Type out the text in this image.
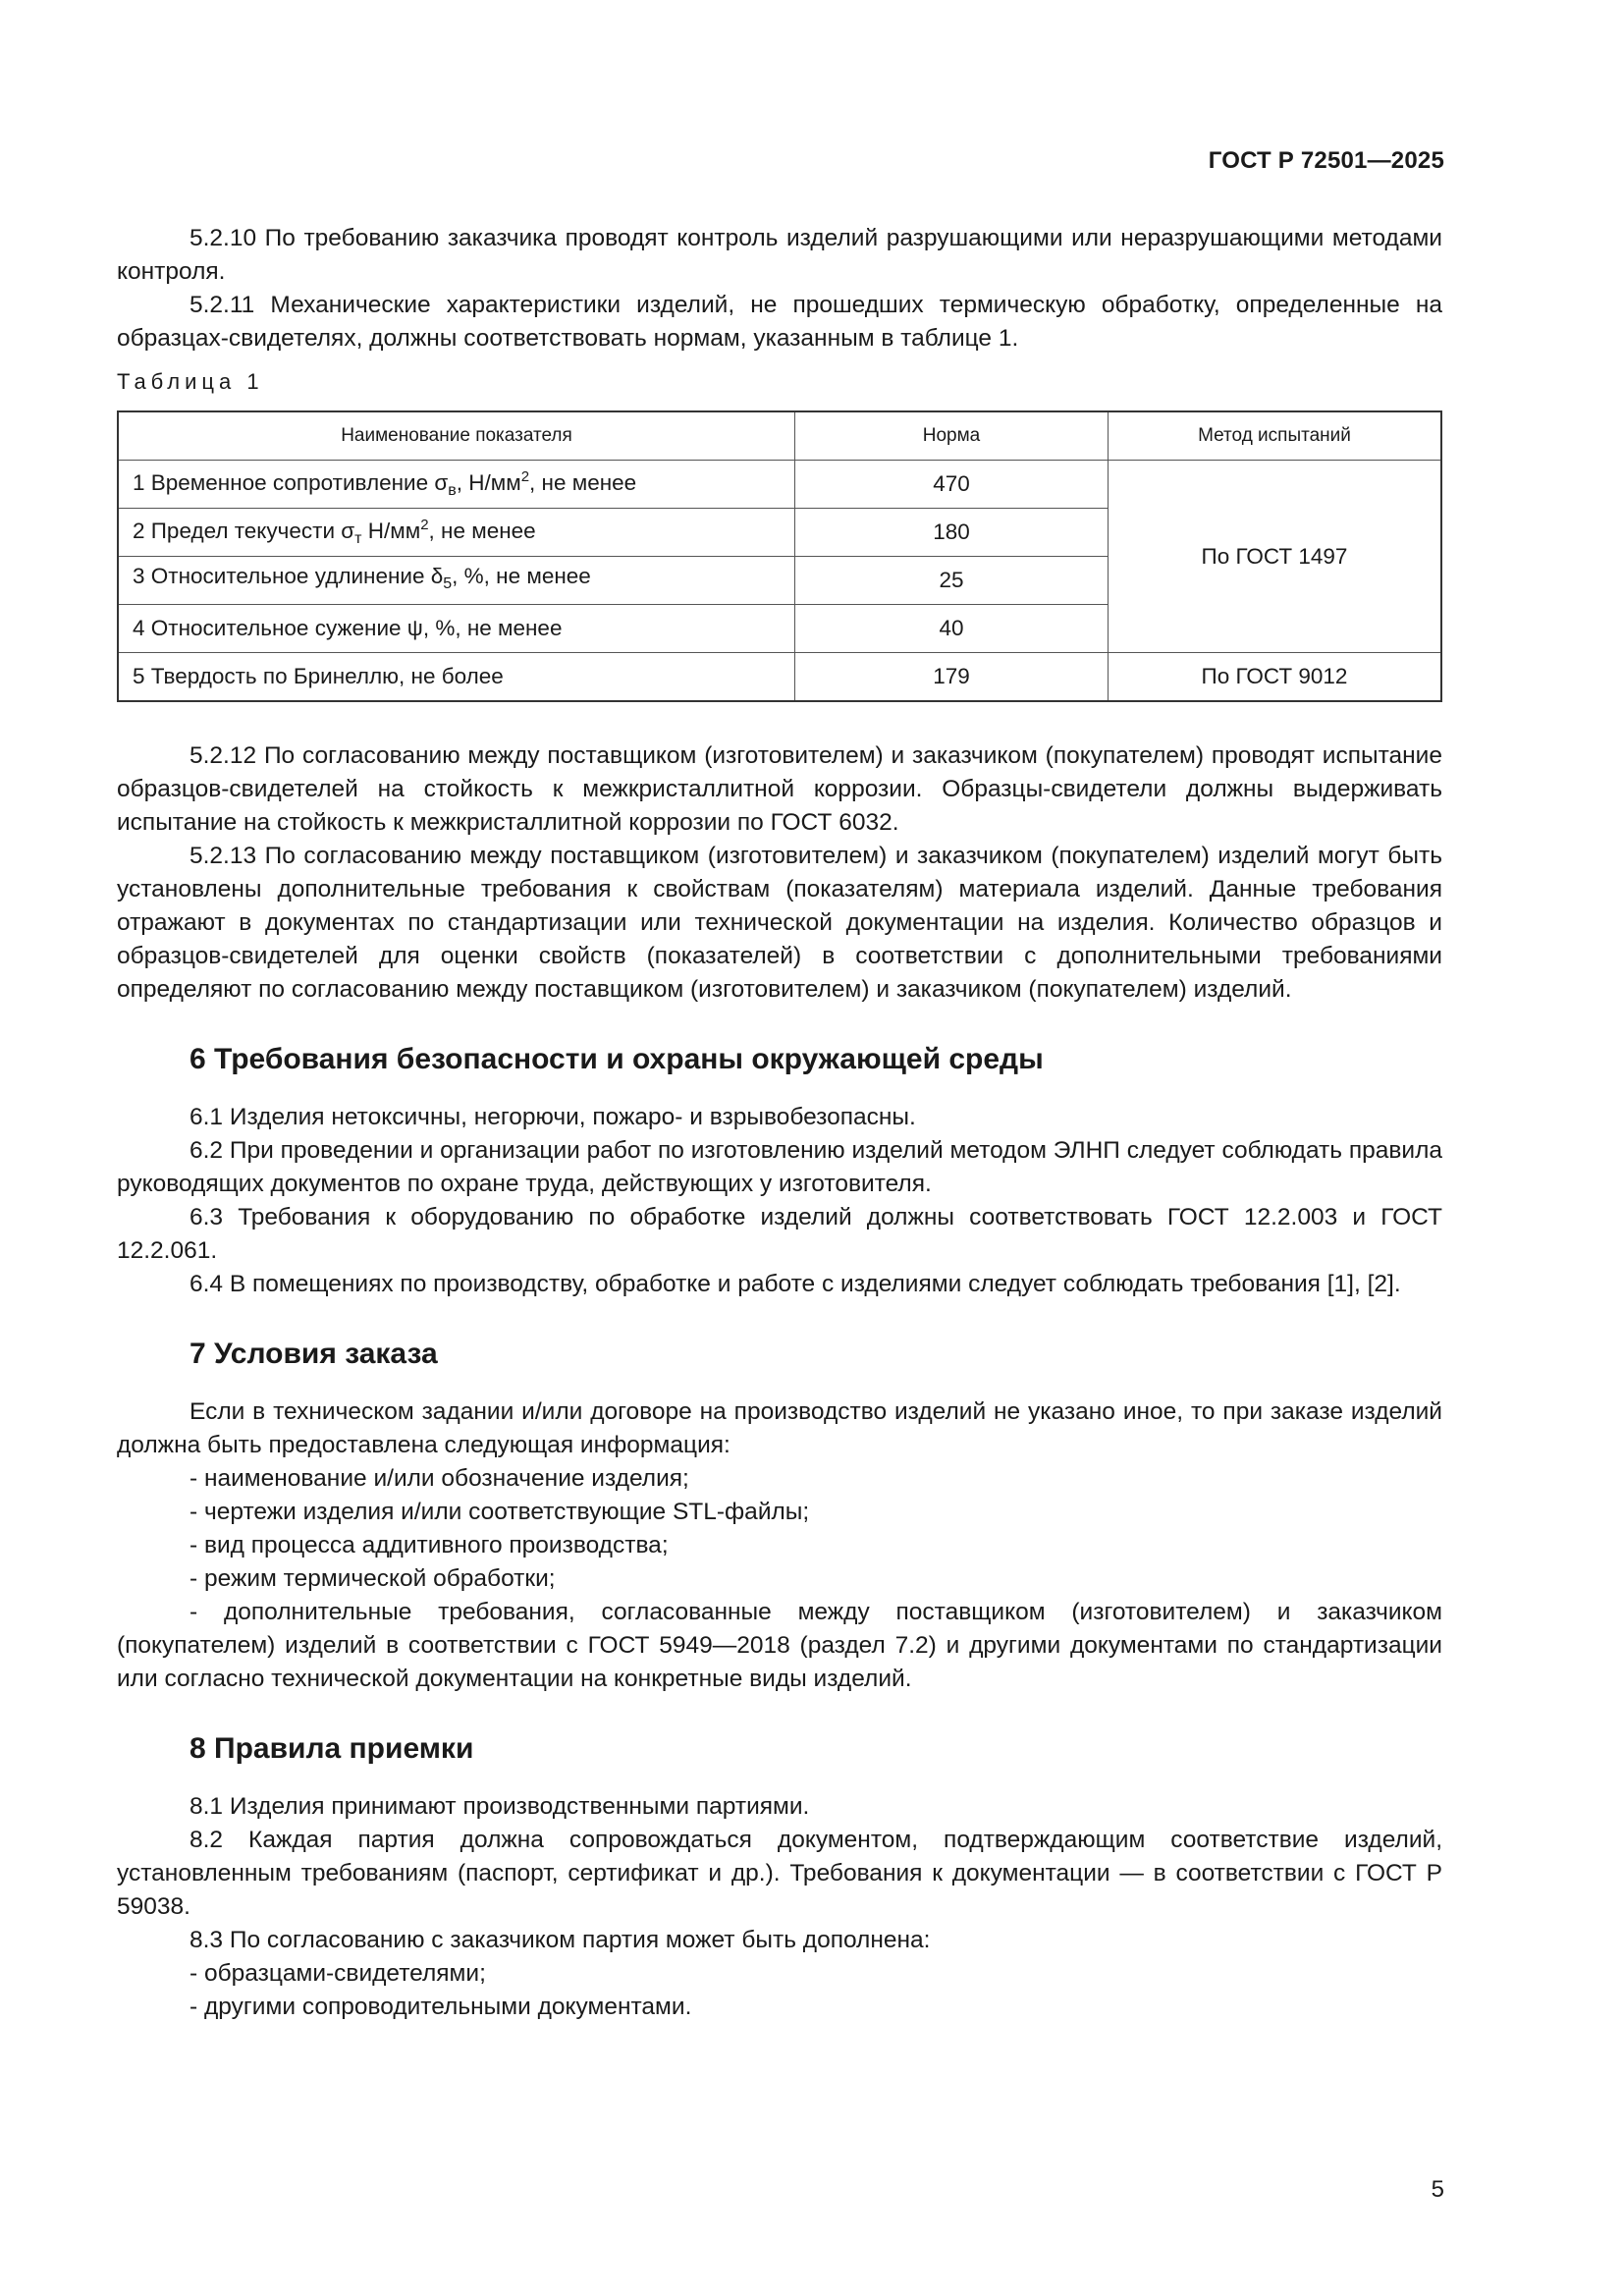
ГОСТ Р 72501—2025

5.2.10 По требованию заказчика проводят контроль изделий разрушающими или неразрушающими методами контроля.

5.2.11 Механические характеристики изделий, не прошедших термическую обработку, определенные на образцах-свидетелях, должны соответствовать нормам, указанным в таблице 1.

Таблица 1
Наименование показателя	Норма	Метод испытаний
1 Временное сопротивление $\sigma_в$, $Н/мм^2$, не менее	470	По ГОСТ 1497
2 Предел текучести $\sigma_т$ $Н/мм^2$, не менее	180	
3 Относительное удлинение $\delta_5$, %, не менее	25	
4 Относительное сужение ψ, %, не менее	40	
5 Твердость по Бринеллю, не более	179	По ГОСТ 9012

5.2.12 По согласованию между поставщиком (изготовителем) и заказчиком (покупателем) проводят испытание образцов-свидетелей на стойкость к межкристаллитной коррозии. Образцы-свидетели должны выдерживать испытание на стойкость к межкристаллитной коррозии по ГОСТ 6032.

5.2.13 По согласованию между поставщиком (изготовителем) и заказчиком (покупателем) изделий могут быть установлены дополнительные требования к свойствам (показателям) материала изделий. Данные требования отражают в документах по стандартизации или технической документации на изделия. Количество образцов и образцов-свидетелей для оценки свойств (показателей) в соответствии с дополнительными требованиями определяют по согласованию между поставщиком (изготовителем) и заказчиком (покупателем) изделий.

6 Требования безопасности и охраны окружающей среды

6.1 Изделия нетоксичны, негорючи, пожаро- и взрывобезопасны.

6.2 При проведении и организации работ по изготовлению изделий методом ЭЛНП следует соблюдать правила руководящих документов по охране труда, действующих у изготовителя.

6.3 Требования к оборудованию по обработке изделий должны соответствовать ГОСТ 12.2.003 и ГОСТ 12.2.061.

6.4 В помещениях по производству, обработке и работе с изделиями следует соблюдать требования [1], [2].

7 Условия заказа

Если в техническом задании и/или договоре на производство изделий не указано иное, то при заказе изделий должна быть предоставлена следующая информация:

- наименование и/или обозначение изделия;

- чертежи изделия и/или соответствующие STL-файлы;

- вид процесса аддитивного производства;

- режим термической обработки;

- дополнительные требования, согласованные между поставщиком (изготовителем) и заказчиком (покупателем) изделий в соответствии с ГОСТ 5949—2018 (раздел 7.2) и другими документами по стандартизации или согласно технической документации на конкретные виды изделий.

8 Правила приемки

8.1 Изделия принимают производственными партиями.

8.2 Каждая партия должна сопровождаться документом, подтверждающим соответствие изделий, установленным требованиям (паспорт, сертификат и др.). Требования к документации — в соответствии с ГОСТ Р 59038.

8.3 По согласованию с заказчиком партия может быть дополнена:

- образцами-свидетелями;

- другими сопроводительными документами.

5
